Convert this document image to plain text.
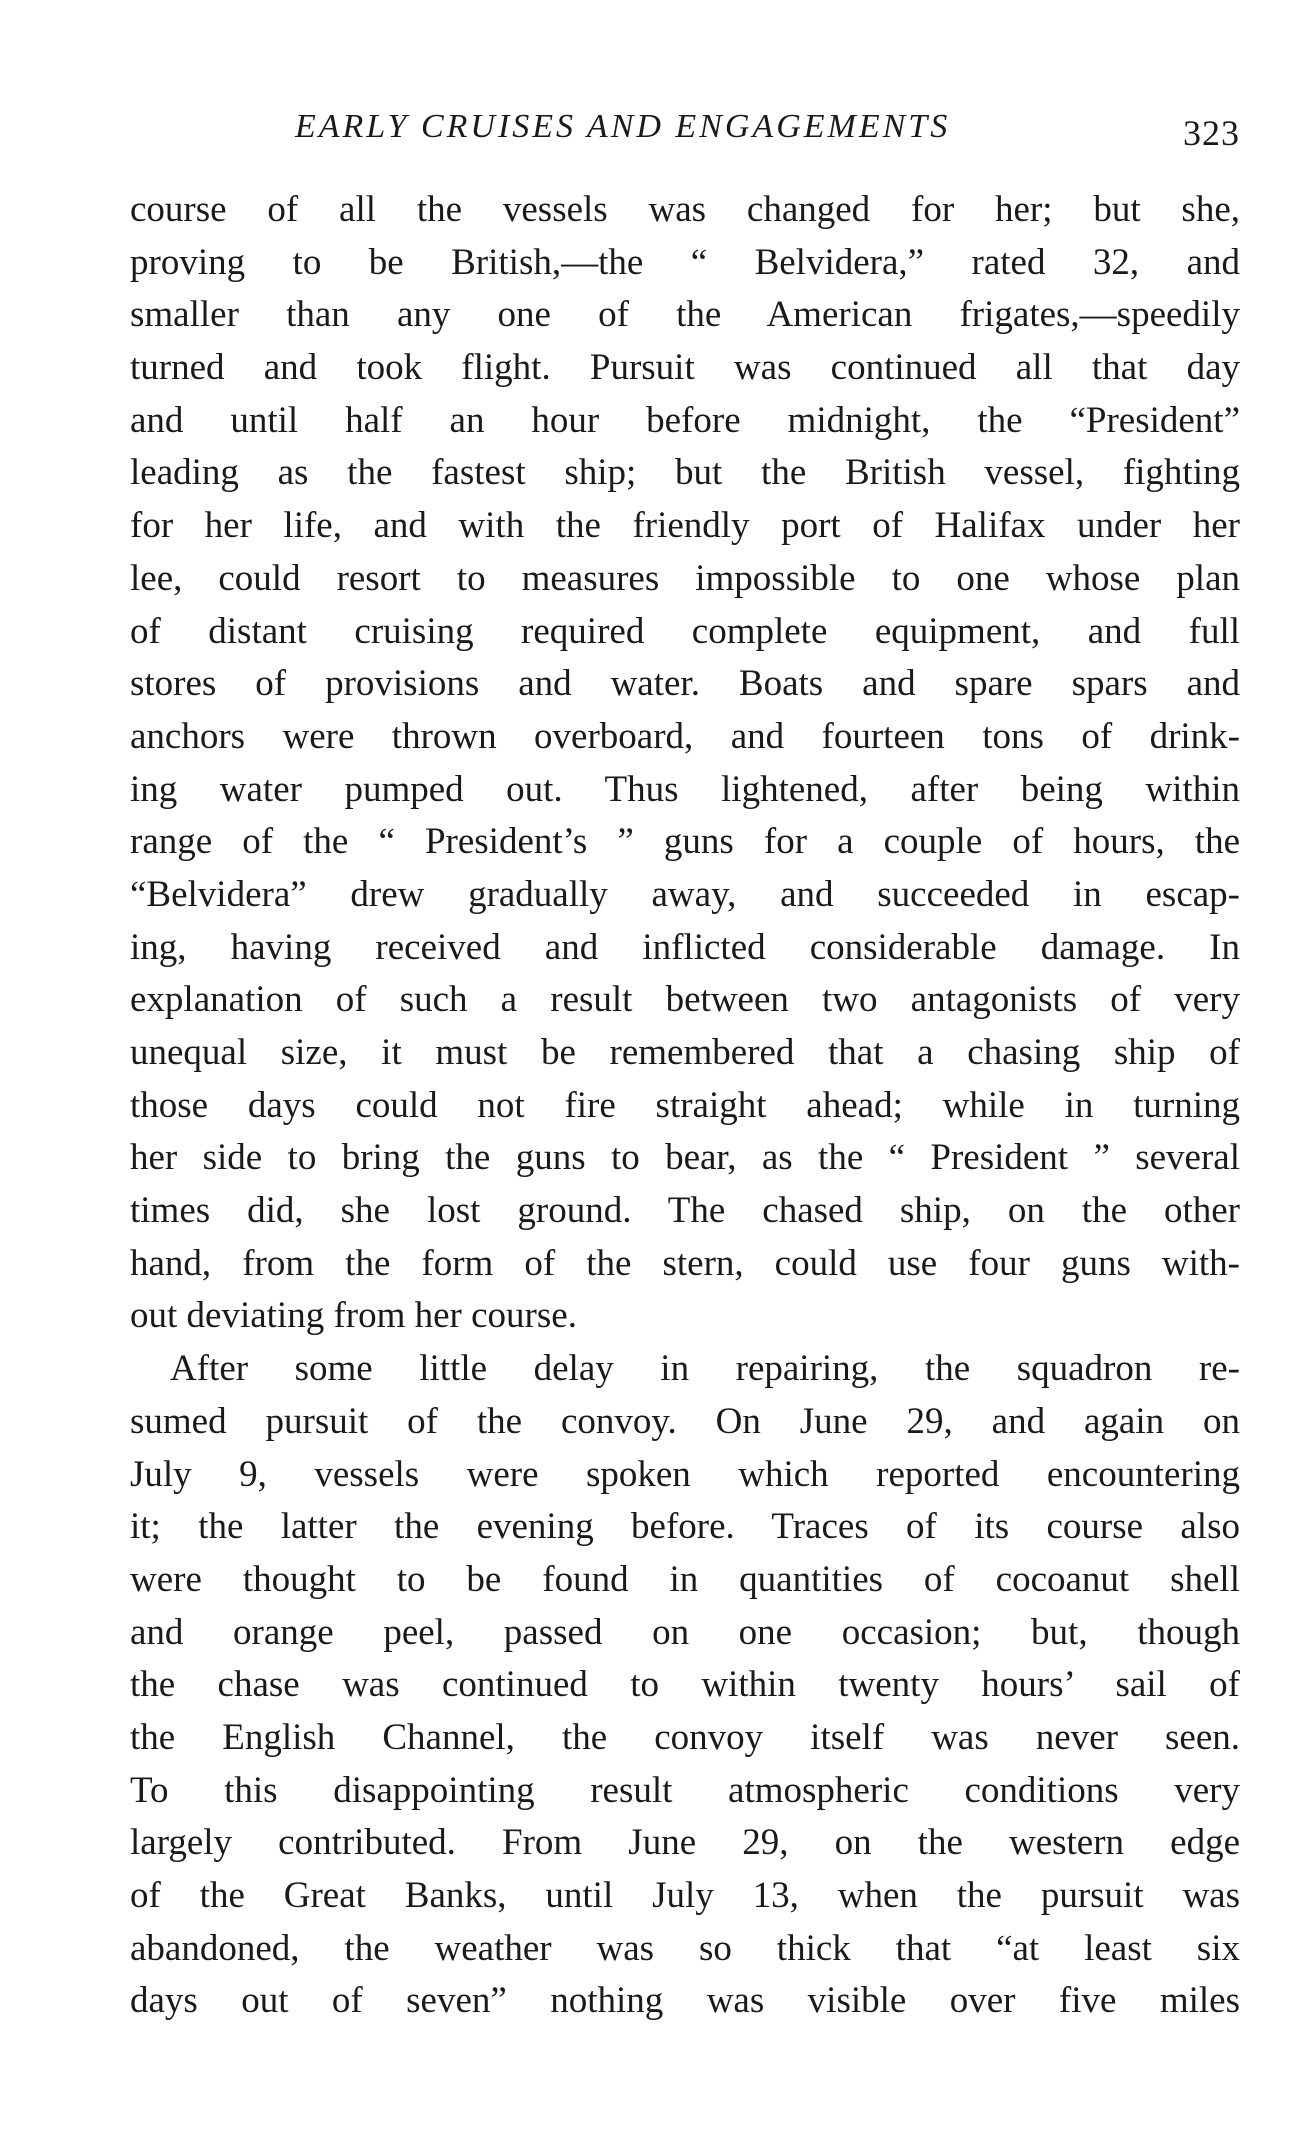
EARLY CRUISES AND ENGAGEMENTS	323
course of all the vessels was changed for her; but she,
proving to be British,—the “ Belvidera,” rated 32, and
smaller than any one of the American frigates,—speedily
turned and took flight. Pursuit was continued all that day
and until half an hour before midnight, the “President”
leading as the fastest ship; but the British vessel, fighting
for her life, and with the friendly port of Halifax under her
lee, could resort to measures impossible to one whose plan
of distant cruising required complete equipment, and full
stores of provisions and water. Boats and spare spars and
anchors were thrown overboard, and fourteen tons of drink-
ing water pumped out. Thus lightened, after being within
range of the “ President’s ” guns for a couple of hours, the
“Belvidera” drew gradually away, and succeeded in escap-
ing, having received and inflicted considerable damage. In
explanation of such a result between two antagonists of very
unequal size, it must be remembered that a chasing ship of
those days could not fire straight ahead; while in turning
her side to bring the guns to bear, as the “ President ” several
times did, she lost ground. The chased ship, on the other
hand, from the form of the stern, could use four guns with-
out deviating from her course.
After some little delay in repairing, the squadron re-
sumed pursuit of the convoy. On June 29, and again on
July 9, vessels were spoken which reported encountering
it; the latter the evening before. Traces of its course also
were thought to be found in quantities of cocoanut shell
and orange peel, passed on one occasion; but, though
the chase was continued to within twenty hours’ sail of
the English Channel, the convoy itself was never seen.
To this disappointing result atmospheric conditions very
largely contributed. From June 29, on the western edge
of the Great Banks, until July 13, when the pursuit was
abandoned, the weather was so thick that “at least six
days out of seven” nothing was visible over five miles
